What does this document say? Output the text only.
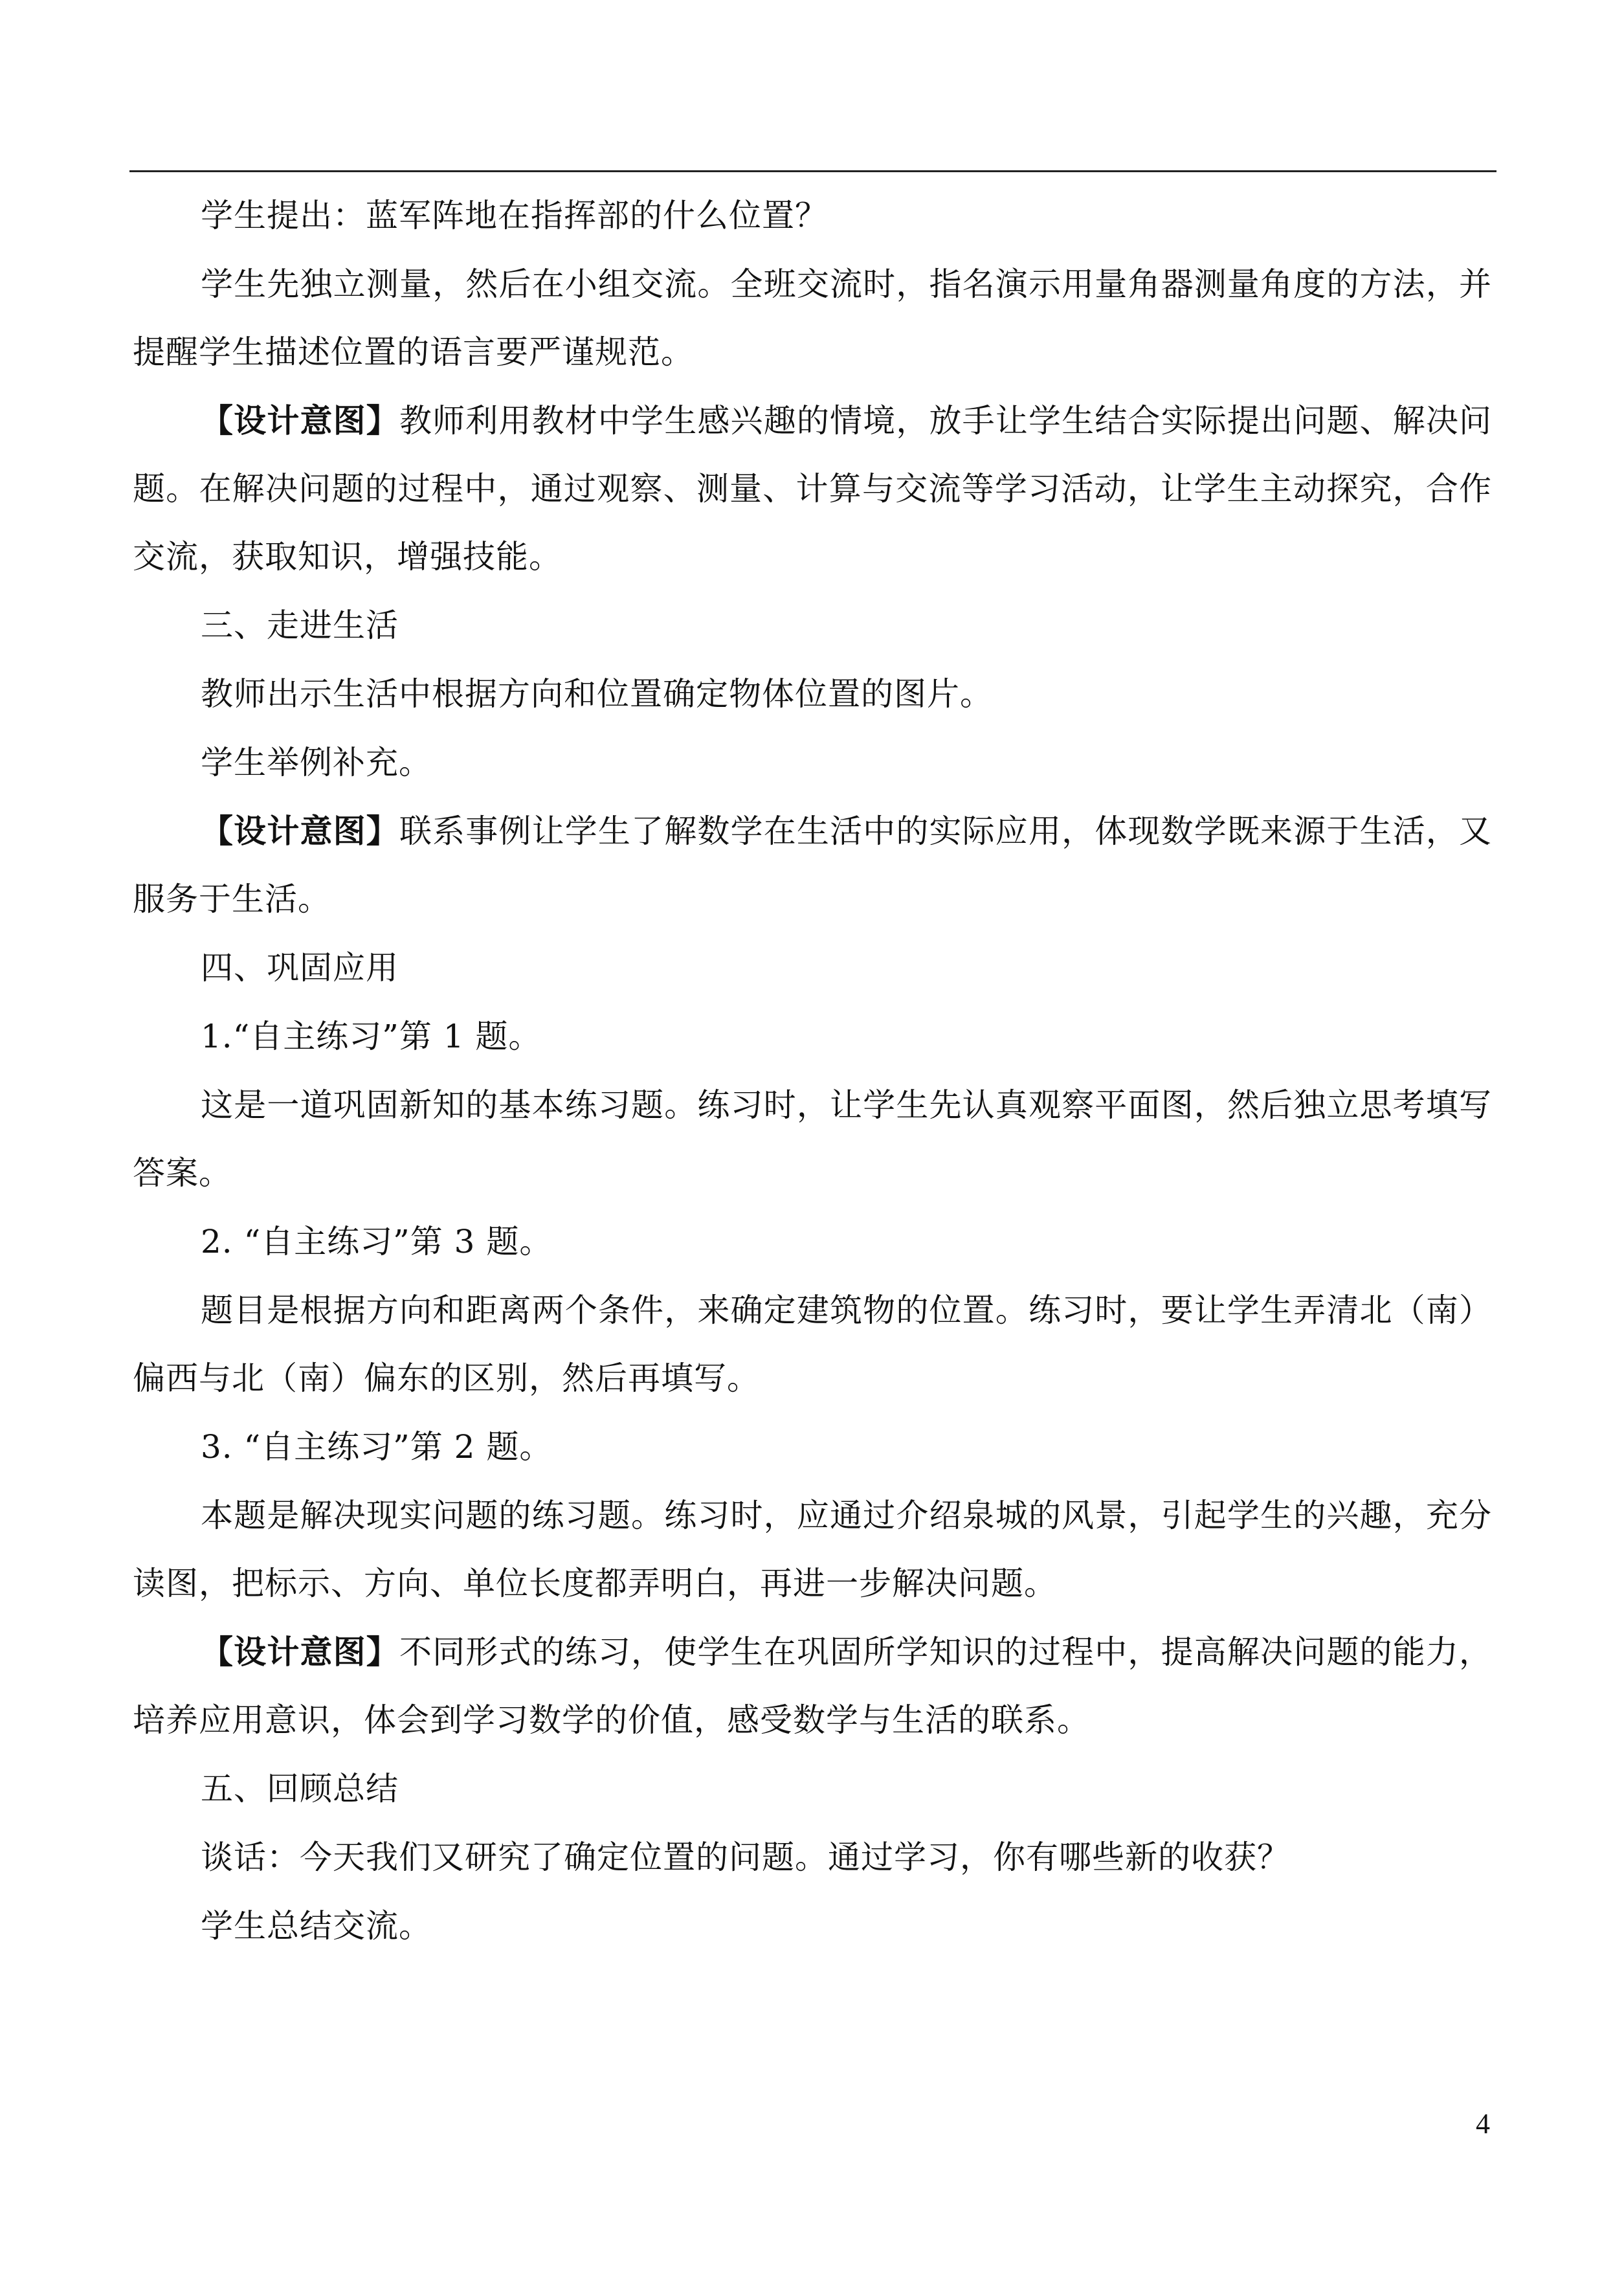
学生提出：蓝军阵地在指挥部的什么位置？

学生先独立测量，然后在小组交流。全班交流时，指名演示用量角器测量角度的方法，并提醒学生描述位置的语言要严谨规范。

【设计意图】教师利用教材中学生感兴趣的情境，放手让学生结合实际提出问题、解决问题。在解决问题的过程中，通过观察、测量、计算与交流等学习活动，让学生主动探究，合作交流，获取知识，增强技能。

三、走进生活

教师出示生活中根据方向和位置确定物体位置的图片。

学生举例补充。

【设计意图】联系事例让学生了解数学在生活中的实际应用，体现数学既来源于生活，又服务于生活。

四、巩固应用

1.“自主练习”第 1 题。

这是一道巩固新知的基本练习题。练习时，让学生先认真观察平面图，然后独立思考填写答案。

2. “自主练习”第 3 题。

题目是根据方向和距离两个条件，来确定建筑物的位置。练习时，要让学生弄清北（南）偏西与北（南）偏东的区别，然后再填写。

3. “自主练习”第 2 题。

本题是解决现实问题的练习题。练习时，应通过介绍泉城的风景，引起学生的兴趣，充分读图，把标示、方向、单位长度都弄明白，再进一步解决问题。

【设计意图】不同形式的练习，使学生在巩固所学知识的过程中，提高解决问题的能力，培养应用意识，体会到学习数学的价值，感受数学与生活的联系。

五、回顾总结

谈话：今天我们又研究了确定位置的问题。通过学习，你有哪些新的收获？

学生总结交流。

4
